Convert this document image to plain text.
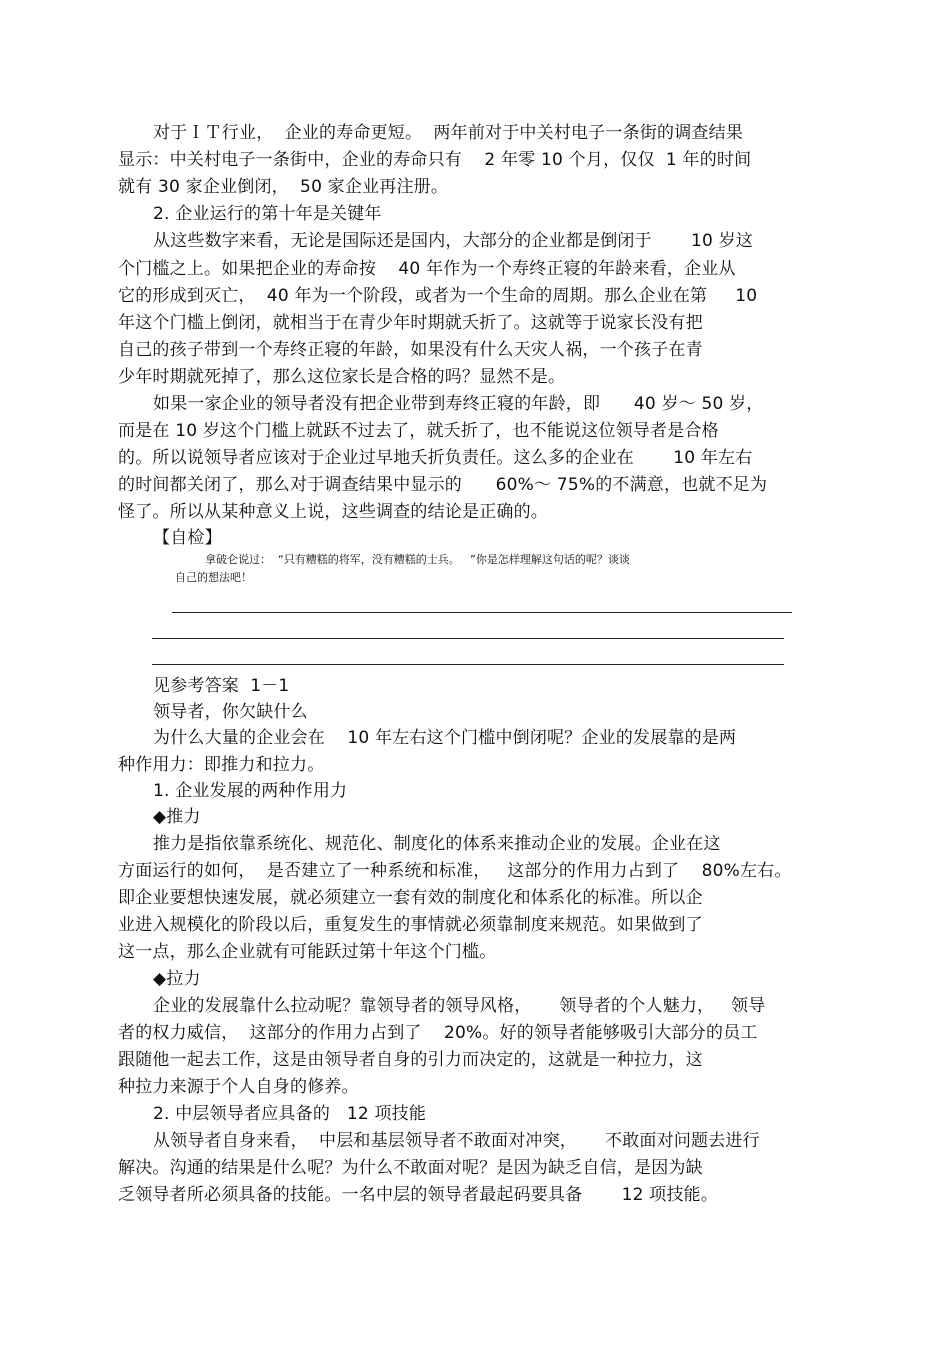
对于ＩＴ行业，  企业的寿命更短。  两年前对于中关村电子一条街的调查结果
显示：中关村电子一条街中，企业的寿命只有    2 年零 10 个月，仅仅  1 年的时间
就有 30 家企业倒闭，  50 家企业再注册。
2. 企业运行的第十年是关键年
从这些数字来看，无论是国际还是国内，大部分的企业都是倒闭于       10 岁这
个门槛之上。如果把企业的寿命按    40 年作为一个寿终正寝的年龄来看，企业从
它的形成到灭亡，  40 年为一个阶段，或者为一个生命的周期。那么企业在第     10
年这个门槛上倒闭，就相当于在青少年时期就夭折了。这就等于说家长没有把
自己的孩子带到一个寿终正寝的年龄，如果没有什么天灾人祸，一个孩子在青
少年时期就死掉了，那么这位家长是合格的吗？显然不是。
如果一家企业的领导者没有把企业带到寿终正寝的年龄，即      40 岁～ 50 岁，
而是在 10 岁这个门槛上就跃不过去了，就夭折了，也不能说这位领导者是合格
的。所以说领导者应该对于企业过早地夭折负责任。这么多的企业在       10 年左右
的时间都关闭了，那么对于调查结果中显示的      60%～ 75%的不满意，也就不足为
怪了。所以从某种意义上说，这些调查的结论是正确的。
【自检】
拿破仑说过：  “只有糟糕的将军，没有糟糕的士兵。   ”你是怎样理解这句话的呢？谈谈
自己的想法吧！
见参考答案  1－1
领导者，你欠缺什么
为什么大量的企业会在    10 年左右这个门槛中倒闭呢？企业的发展靠的是两
种作用力：即推力和拉力。
1. 企业发展的两种作用力
◆推力
推力是指依靠系统化、规范化、制度化的体系来推动企业的发展。企业在这
方面运行的如何，  是否建立了一种系统和标准，   这部分的作用力占到了    80%左右。
即企业要想快速发展，就必须建立一套有效的制度化和体系化的标准。所以企
业进入规模化的阶段以后，重复发生的事情就必须靠制度来规范。如果做到了
这一点，那么企业就有可能跃过第十年这个门槛。
◆拉力
企业的发展靠什么拉动呢？靠领导者的领导风格，     领导者的个人魅力，   领导
者的权力威信，  这部分的作用力占到了    20%。好的领导者能够吸引大部分的员工
跟随他一起去工作，这是由领导者自身的引力而决定的，这就是一种拉力，这
种拉力来源于个人自身的修养。
2. 中层领导者应具备的   12 项技能
从领导者自身来看，  中层和基层领导者不敢面对冲突，     不敢面对问题去进行
解决。沟通的结果是什么呢？为什么不敢面对呢？是因为缺乏自信，是因为缺
乏领导者所必须具备的技能。一名中层的领导者最起码要具备       12 项技能。
